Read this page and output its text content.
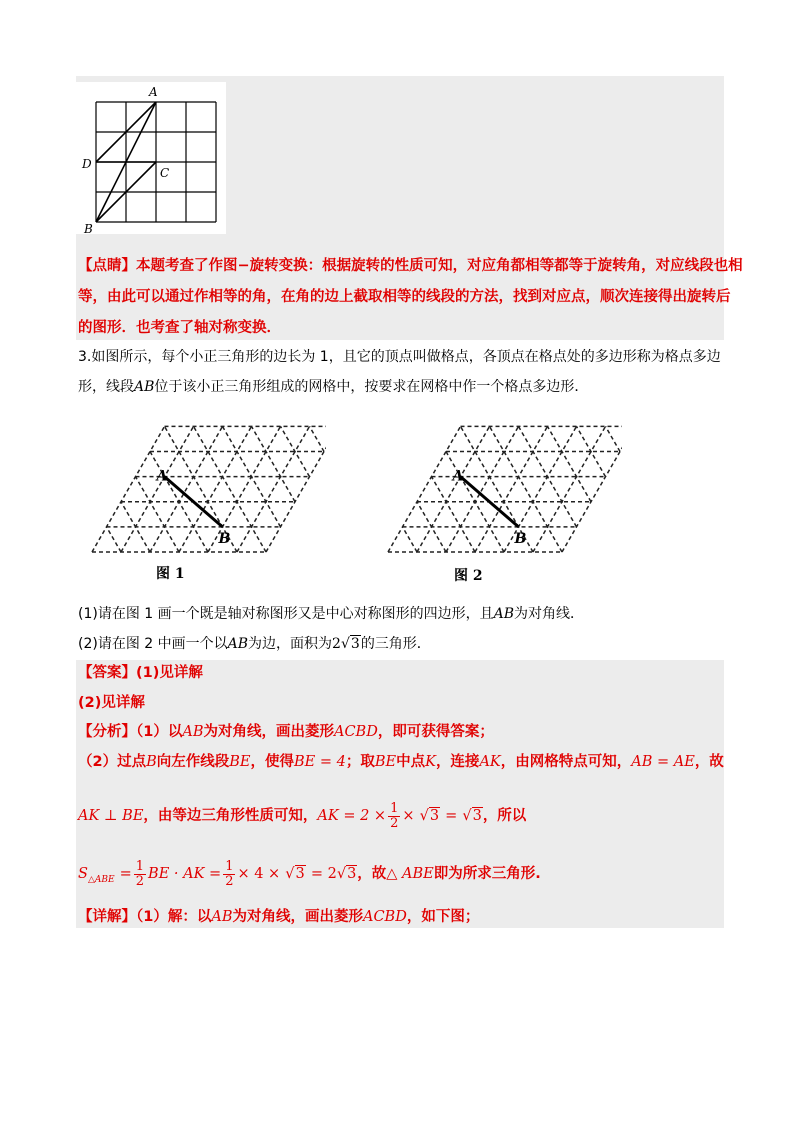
A
D
C
B
【点睛】本题考查了作图−旋转变换：根据旋转的性质可知，对应角都相等都等于旋转角，对应线段也相
等，由此可以通过作相等的角，在角的边上截取相等的线段的方法，找到对应点，顺次连接得出旋转后
的图形．也考查了轴对称变换．
3.如图所示，每个小正三角形的边长为 1，且它的顶点叫做格点，各顶点在格点处的多边形称为格点多边
形，线段AB位于该小正三角形组成的网格中，按要求在网格中作一个格点多边形．
A
B
A
B
图 1	图 2
(1)请在图 1 画一个既是轴对称图形又是中心对称图形的四边形，且AB为对角线．
(2)请在图 2 中画一个以AB为边，面积为2√3的三角形．
【答案】(1)见详解
(2)见详解
【分析】（1）以AB为对角线，画出菱形ACBD，即可获得答案；
（2）过点B向左作线段BE，使得BE = 4；取BE中点K，连接AK，由网格特点可知，AB = AE，故
AK ⊥ BE，由等边三角形性质可知，AK = $2 \times \frac{1}{2} \times √3 = √3$，所以
$S_{\triangle ABE} = \frac{1}{2}$ BE · AK = $\frac{1}{2} \times 4 \times √3 = 2√3$，故△ ABE即为所求三角形.
【详解】（1）解：以AB为对角线，画出菱形ACBD，如下图；
